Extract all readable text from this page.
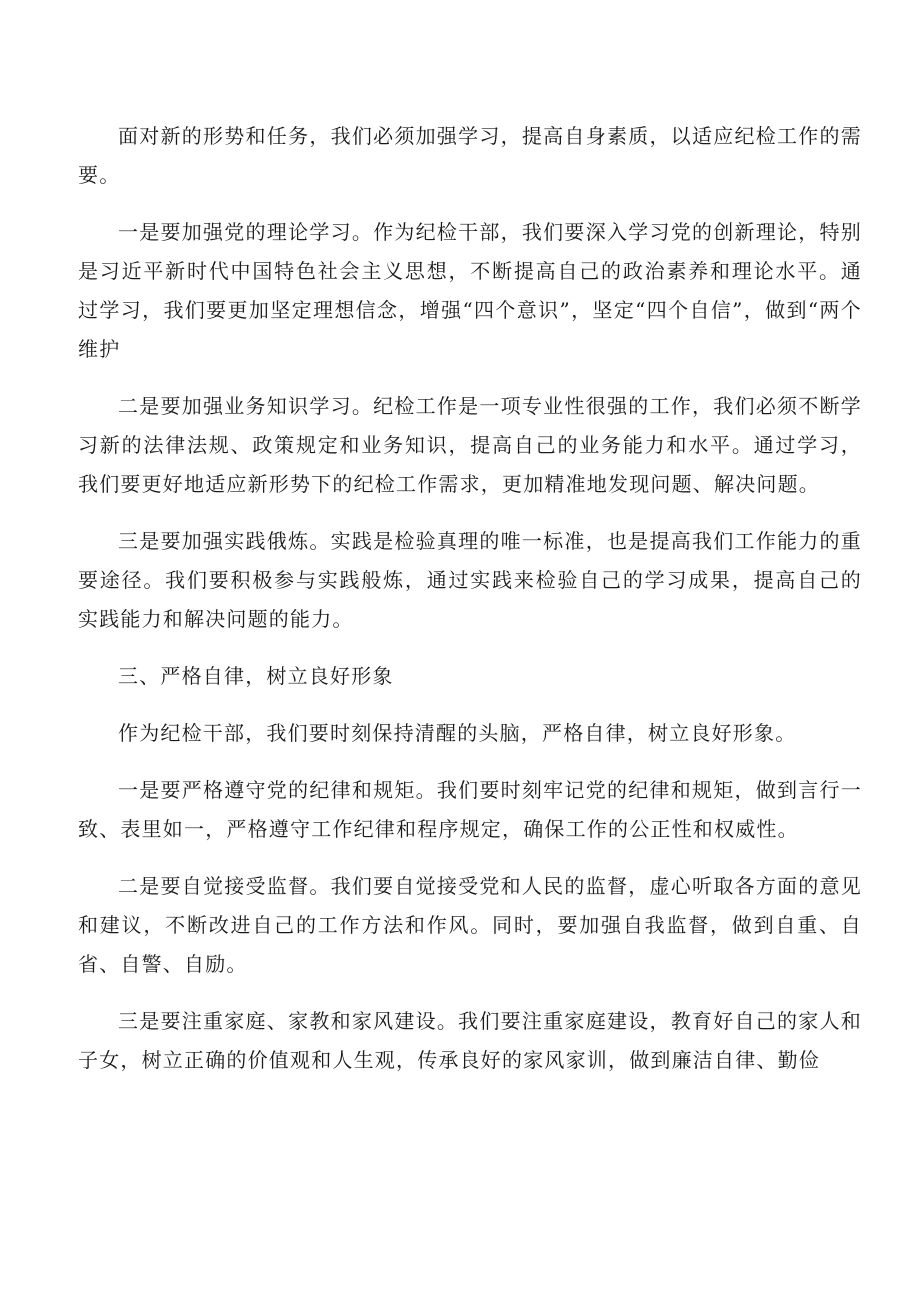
面对新的形势和任务，我们必须加强学习，提高自身素质，以适应纪检工作的需要。

一是要加强党的理论学习。作为纪检干部，我们要深入学习党的创新理论，特别是习近平新时代中国特色社会主义思想，不断提高自己的政治素养和理论水平。通过学习，我们要更加坚定理想信念，增强“四个意识”，坚定“四个自信”，做到“两个维护

二是要加强业务知识学习。纪检工作是一项专业性很强的工作，我们必须不断学习新的法律法规、政策规定和业务知识，提高自己的业务能力和水平。通过学习，我们要更好地适应新形势下的纪检工作需求，更加精准地发现问题、解决问题。

三是要加强实践俄炼。实践是检验真理的唯一标准，也是提高我们工作能力的重要途径。我们要积极参与实践般炼，通过实践来检验自己的学习成果，提高自己的实践能力和解决问题的能力。

三、严格自律，树立良好形象

作为纪检干部，我们要时刻保持清醒的头脑，严格自律，树立良好形象。

一是要严格遵守党的纪律和规矩。我们要时刻牢记党的纪律和规矩，做到言行一致、表里如一，严格遵守工作纪律和程序规定，确保工作的公正性和权威性。

二是要自觉接受监督。我们要自觉接受党和人民的监督，虚心听取各方面的意见和建议，不断改进自己的工作方法和作风。同时，要加强自我监督，做到自重、自省、自警、自励。

三是要注重家庭、家教和家风建设。我们要注重家庭建设，教育好自己的家人和子女，树立正确的价值观和人生观，传承良好的家风家训，做到廉洁自律、勤俭
